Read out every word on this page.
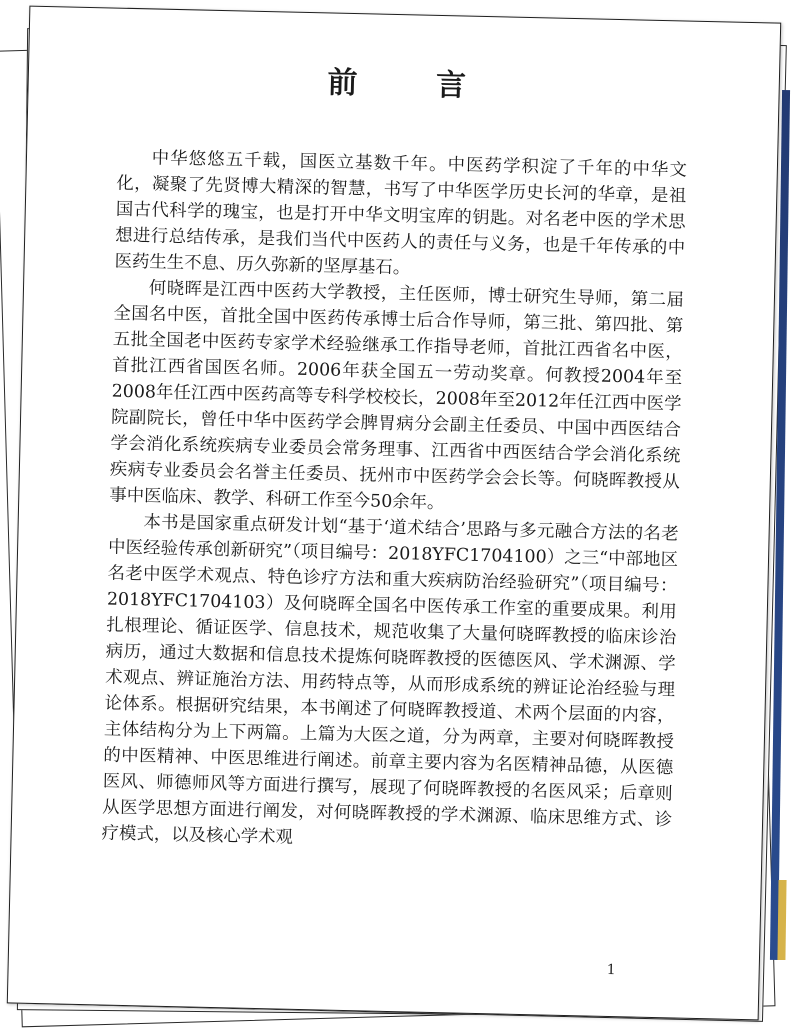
前 言

中华悠悠五千载，国医立基数千年。中医药学积淀了千年的中华文化，凝聚了先贤博大精深的智慧，书写了中华医学历史长河的华章，是祖国古代科学的瑰宝，也是打开中华文明宝库的钥匙。对名老中医的学术思想进行总结传承，是我们当代中医药人的责任与义务，也是千年传承的中医药生生不息、历久弥新的坚厚基石。

何晓晖是江西中医药大学教授，主任医师，博士研究生导师，第二届全国名中医，首批全国中医药传承博士后合作导师，第三批、第四批、第五批全国老中医药专家学术经验继承工作指导老师，首批江西省名中医，首批江西省国医名师。2006年获全国五一劳动奖章。何教授2004年至2008年任江西中医药高等专科学校校长，2008年至2012年任江西中医学院副院长，曾任中华中医药学会脾胃病分会副主任委员、中国中西医结合学会消化系统疾病专业委员会常务理事、江西省中西医结合学会消化系统疾病专业委员会名誉主任委员、抚州市中医药学会会长等。何晓晖教授从事中医临床、教学、科研工作至今50余年。

本书是国家重点研发计划“基于‘道术结合’思路与多元融合方法的名老中医经验传承创新研究”（项目编号：2018YFC1704100）之三“中部地区名老中医学术观点、特色诊疗方法和重大疾病防治经验研究”（项目编号：2018YFC1704103）及何晓晖全国名中医传承工作室的重要成果。利用扎根理论、循证医学、信息技术，规范收集了大量何晓晖教授的临床诊治病历，通过大数据和信息技术提炼何晓晖教授的医德医风、学术渊源、学术观点、辨证施治方法、用药特点等，从而形成系统的辨证论治经验与理论体系。根据研究结果，本书阐述了何晓晖教授道、术两个层面的内容，主体结构分为上下两篇。上篇为大医之道，分为两章，主要对何晓晖教授的中医精神、中医思维进行阐述。前章主要内容为名医精神品德，从医德医风、师德师风等方面进行撰写，展现了何晓晖教授的名医风采；后章则从医学思想方面进行阐发，对何晓晖教授的学术渊源、临床思维方式、诊疗模式，以及核心学术观

1
